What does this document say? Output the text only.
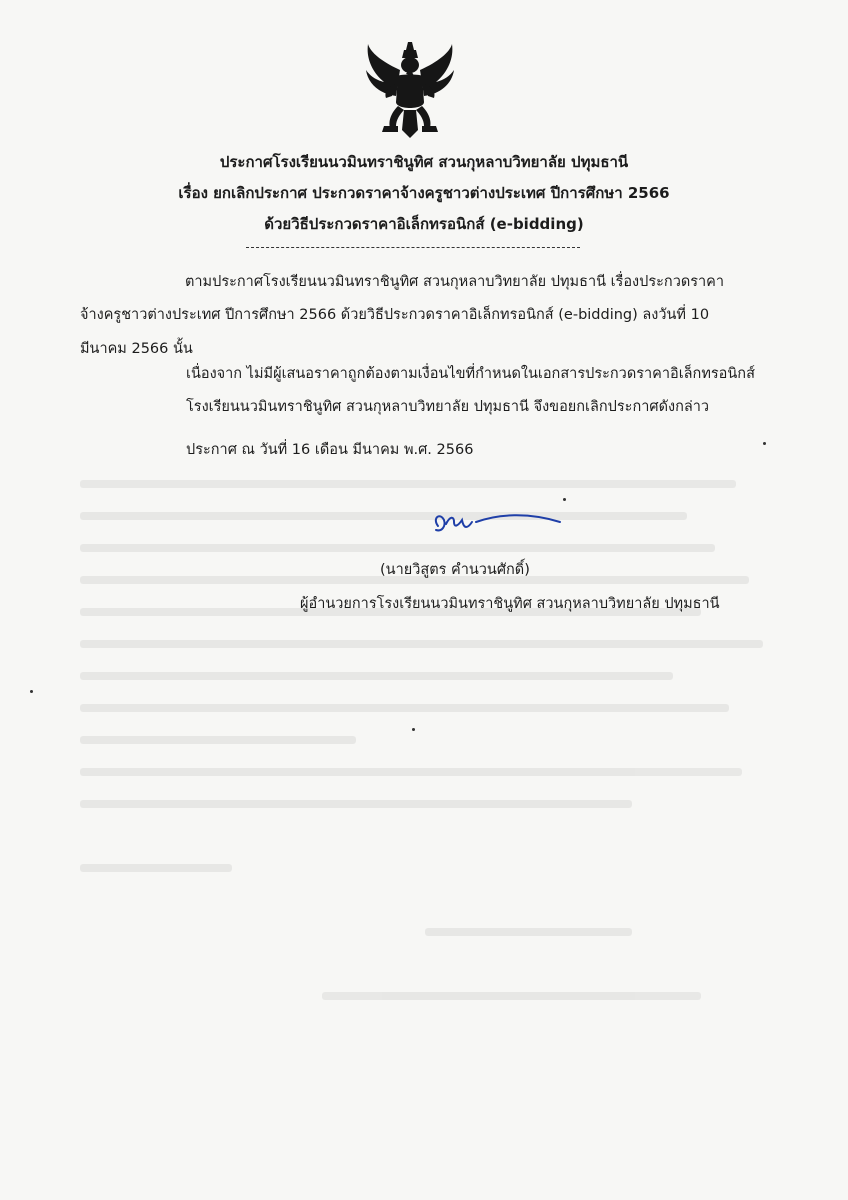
ประกาศโรงเรียนนวมินทราชินูทิศ สวนกุหลาบวิทยาลัย ปทุมธานี
เรื่อง ยกเลิกประกาศ ประกวดราคาจ้างครูชาวต่างประเทศ ปีการศึกษา 2566
ด้วยวิธีประกวดราคาอิเล็กทรอนิกส์ (e-bidding)
ตามประกาศโรงเรียนนวมินทราชินูทิศ สวนกุหลาบวิทยาลัย ปทุมธานี เรื่องประกวดราคา
จ้างครูชาวต่างประเทศ ปีการศึกษา 2566 ด้วยวิธีประกวดราคาอิเล็กทรอนิกส์ (e-bidding) ลงวันที่ 10
มีนาคม 2566 นั้น
เนื่องจาก ไม่มีผู้เสนอราคาถูกต้องตามเงื่อนไขที่กำหนดในเอกสารประกวดราคาอิเล็กทรอนิกส์
โรงเรียนนวมินทราชินูทิศ สวนกุหลาบวิทยาลัย ปทุมธานี จึงขอยกเลิกประกาศดังกล่าว
ประกาศ ณ วันที่ 16 เดือน มีนาคม พ.ศ. 2566
(นายวิสูตร คำนวนศักดิ์)
ผู้อำนวยการโรงเรียนนวมินทราชินูทิศ สวนกุหลาบวิทยาลัย ปทุมธานี
